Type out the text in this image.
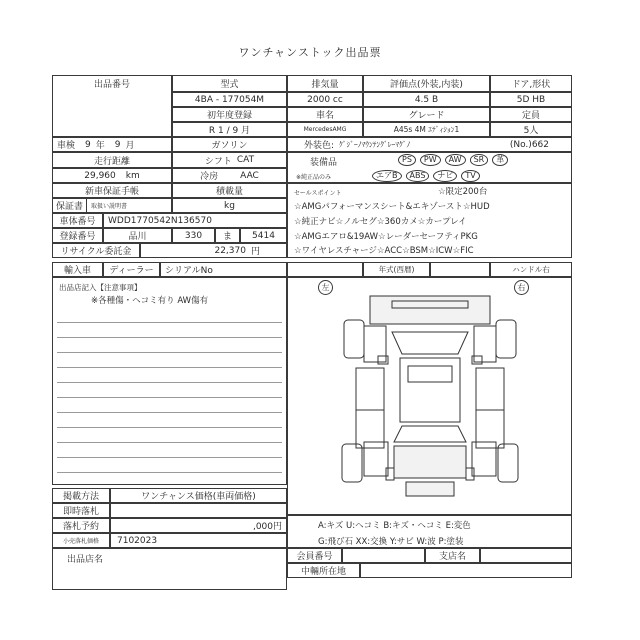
ワンチャンストック出品票
出品番号	型式	排気量	評価点(外装,内装)	ドア,形状
4BA - 177054M	2000 cc	4.5 B	5D HB
初年度登録	車名	グレード	定員
R 1 / 9 月	MercedesAMG	A45s 4M ｴﾃﾞｨｼｮﾝ1	5人
車検 9 年 9 月	ガソリン	外装色: ｸﾞｼﾞｰﾉﾏｳﾝﾃﾝｸﾞﾚｰﾏｸﾞﾉ	(No.) 662
走行距離	シフト CAT	装備品
※純正品のみ
PS PW AW SR 革
エアB ABS ナビ TV
29,960 km	冷房 AAC
新車保証手帳	積載量
保証書	取扱い説明書	kg
セールスポイント	☆限定200台
☆AMGパフォーマンスシート&エキゾースト☆HUD
☆純正ナビ☆ノルセグ☆360カメ☆カープレイ
☆AMGエアロ&19AW☆レーダーセーフティPKG
☆ワイヤレスチャージ☆ACC☆BSM☆ICW☆FIC
車体番号	WDD1770542N136570
登録番号	品川	330	ま	5414
リサイクル委託金	22,370 円
輸入車	ディーラー	シリアルNo	年式(西暦)	ハンドル右
出品店記入【注意事項】
※各種傷・ヘコミ有り AW傷有
左	右
A:キズ U:ヘコミ B:キズ・ヘコミ E:変色
G:飛び石 XX:交換 Y:サビ W:波 P:塗装
掲載方法	ワンチャンス価格(車両価格)
即時落札
落札予約	,000円
小売落札価格	7102023
出品店名	会員番号	支店名
中輛所在地
